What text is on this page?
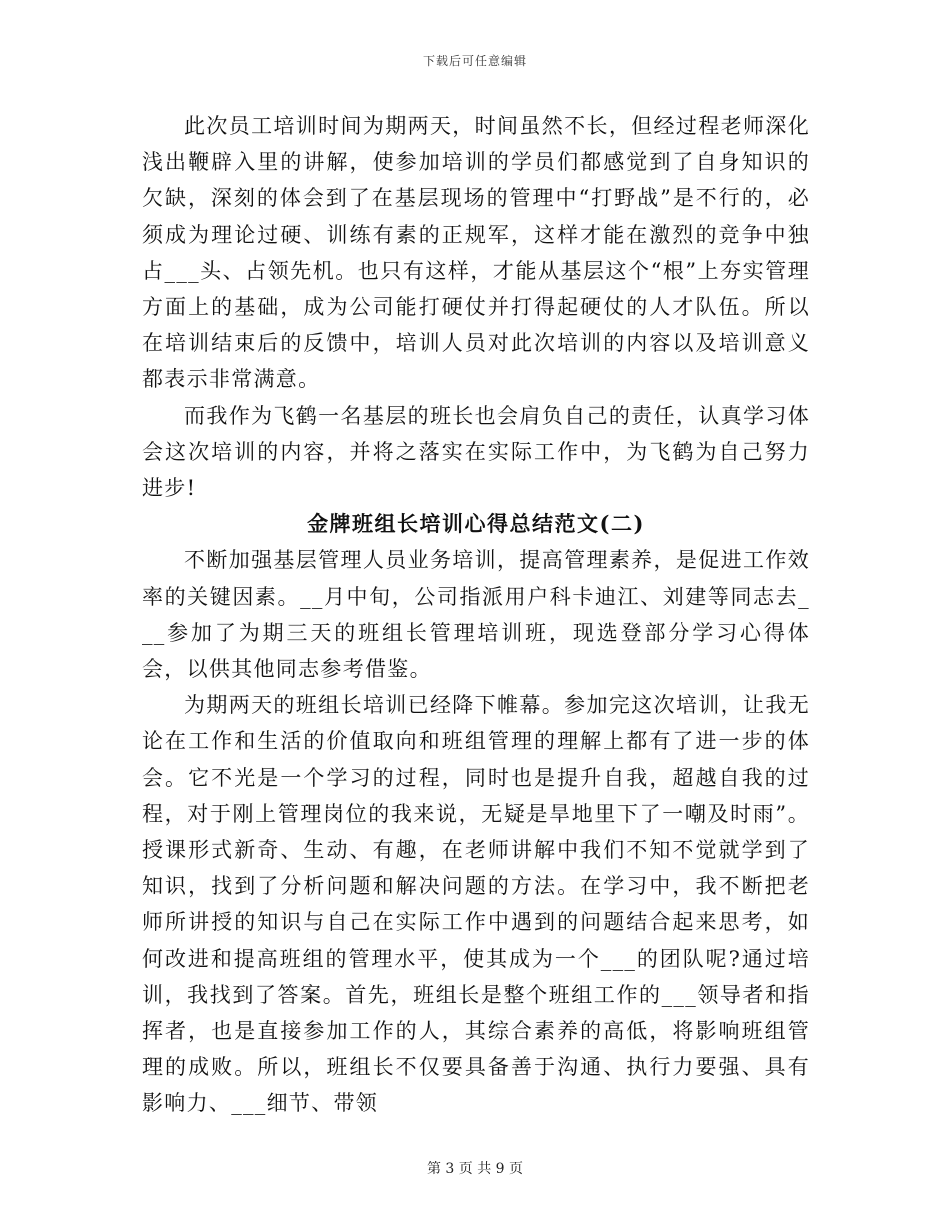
下载后可任意编辑

此次员工培训时间为期两天，时间虽然不长，但经过程老师深化浅出鞭辟入里的讲解，使参加培训的学员们都感觉到了自身知识的欠缺，深刻的体会到了在基层现场的管理中“打野战”是不行的，必须成为理论过硬、训练有素的正规军，这样才能在激烈的竞争中独占___头、占领先机。也只有这样，才能从基层这个“根”上夯实管理方面上的基础，成为公司能打硬仗并打得起硬仗的人才队伍。所以在培训结束后的反馈中，培训人员对此次培训的内容以及培训意义都表示非常满意。

而我作为飞鹤一名基层的班长也会肩负自己的责任，认真学习体会这次培训的内容，并将之落实在实际工作中，为飞鹤为自己努力进步!

金牌班组长培训心得总结范文(二)

不断加强基层管理人员业务培训，提高管理素养，是促进工作效率的关键因素。__月中旬，公司指派用户科卡迪江、刘建等同志去___参加了为期三天的班组长管理培训班，现选登部分学习心得体会，以供其他同志参考借鉴。

为期两天的班组长培训已经降下帷幕。参加完这次培训，让我无论在工作和生活的价值取向和班组管理的理解上都有了进一步的体会。它不光是一个学习的过程，同时也是提升自我，超越自我的过程，对于刚上管理岗位的我来说，无疑是旱地里下了一嘲及时雨”。授课形式新奇、生动、有趣，在老师讲解中我们不知不觉就学到了知识，找到了分析问题和解决问题的方法。在学习中，我不断把老师所讲授的知识与自己在实际工作中遇到的问题结合起来思考，如何改进和提高班组的管理水平，使其成为一个___的团队呢?通过培训，我找到了答案。首先，班组长是整个班组工作的___领导者和指挥者，也是直接参加工作的人，其综合素养的高低，将影响班组管理的成败。所以，班组长不仅要具备善于沟通、执行力要强、具有影响力、___细节、带领

第 3 页 共 9 页
